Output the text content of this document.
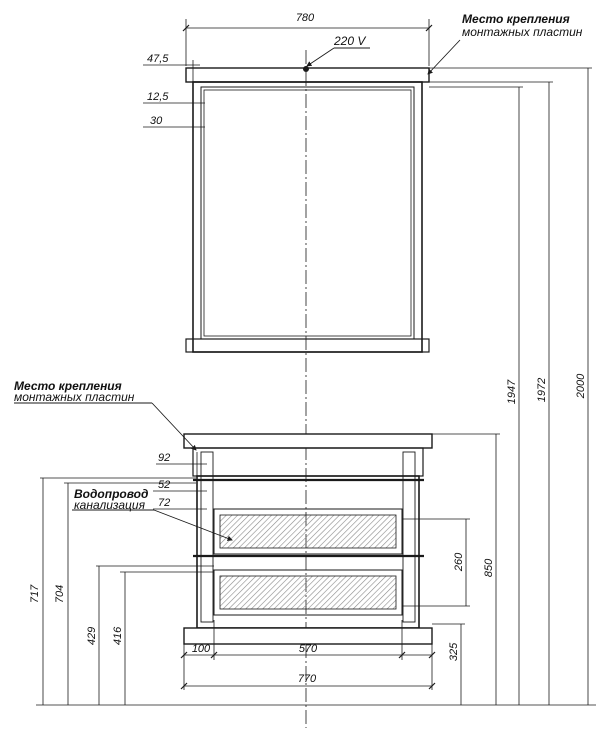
780
220 V
Место крепления
монтажных пластин
47,5
12,5
30
Место крепления
монтажных пластин
92
52
Водопровод
72
канализация
717 704
429 416
260 850
325
1947 1972 2000
100	570
770
